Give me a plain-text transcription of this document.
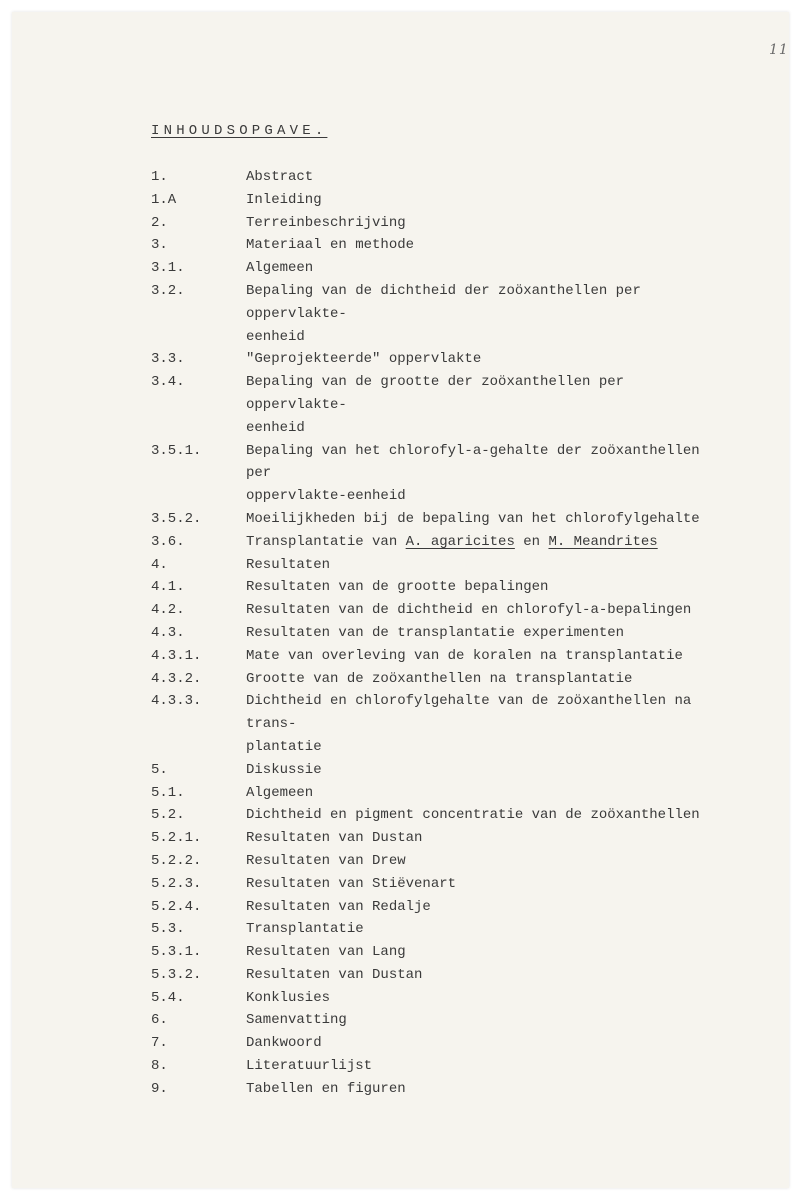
11
INHOUDSOPGAVE.
1.	Abstract
1.A	Inleiding
2.	Terreinbeschrijving
3.	Materiaal en methode
3.1.	Algemeen
3.2.	Bepaling van de dichtheid der zoöxanthellen per oppervlakte-
eenheid
3.3.	"Geprojekteerde" oppervlakte
3.4.	Bepaling van de grootte der zoöxanthellen per oppervlakte-
eenheid
3.5.1.	Bepaling van het chlorofyl-a-gehalte der zoöxanthellen per
oppervlakte-eenheid
3.5.2.	Moeilijkheden bij de bepaling van het chlorofylgehalte
3.6.	Transplantatie van A. agaricites en M. Meandrites
4.	Resultaten
4.1.	Resultaten van de grootte bepalingen
4.2.	Resultaten van de dichtheid en chlorofyl-a-bepalingen
4.3.	Resultaten van de transplantatie experimenten
4.3.1.	Mate van overleving van de koralen na transplantatie
4.3.2.	Grootte van de zoöxanthellen na transplantatie
4.3.3.	Dichtheid en chlorofylgehalte van de zoöxanthellen na trans-
plantatie
5.	Diskussie
5.1.	Algemeen
5.2.	Dichtheid en pigment concentratie van de zoöxanthellen
5.2.1.	Resultaten van Dustan
5.2.2.	Resultaten van Drew
5.2.3.	Resultaten van Stiëvenart
5.2.4.	Resultaten van Redalje
5.3.	Transplantatie
5.3.1.	Resultaten van Lang
5.3.2.	Resultaten van Dustan
5.4.	Konklusies
6.	Samenvatting
7.	Dankwoord
8.	Literatuurlijst
9.	Tabellen en figuren
